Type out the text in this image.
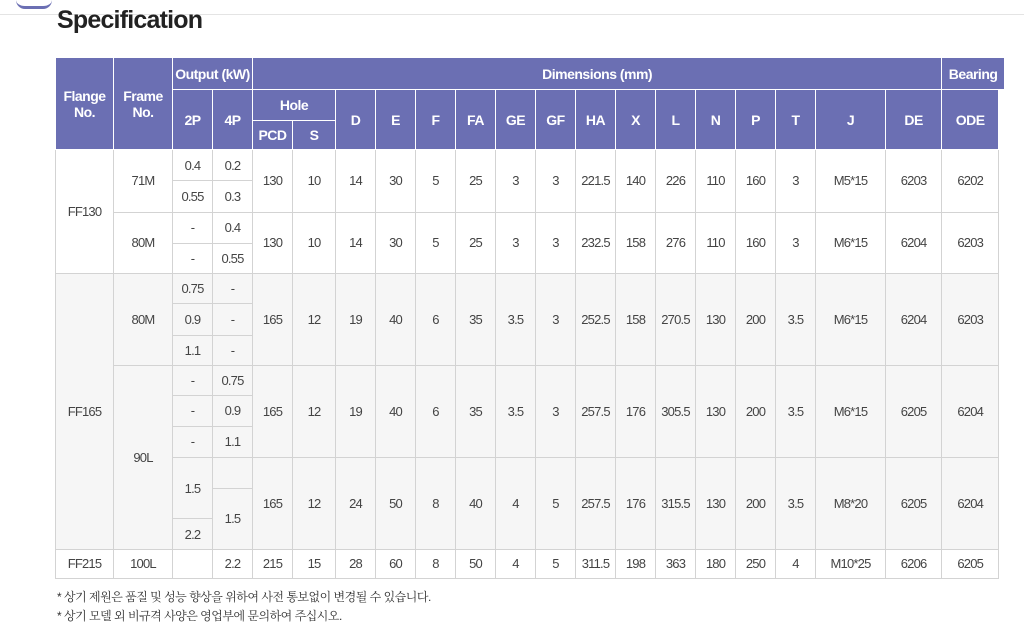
Specification
Flange No.	Frame No.	Output (kW)		Dimensions (mm)																Bearing
		2P	4P	Hole		D	E	F	FA	GE	GF	HA	X	L	N	P	T	J	DE	ODE
				PCD	S															
FF130	71M	0.4	0.2	130	10	14	30	5	25	3	3	221.5	140	226	110	160	3	M5*15	6203	6202
		0.55	0.3																	
	80M	-	0.4	130	10	14	30	5	25	3	3	232.5	158	276	110	160	3	M6*15	6204	6203
		-	0.55																	
FF165	80M	0.75	-	165	12	19	40	6	35	3.5	3	252.5	158	270.5	130	200	3.5	M6*15	6204	6203
		0.9	-																	
		1.1	-																	
	90L	-	0.75	165	12	19	40	6	35	3.5	3	257.5	176	305.5	130	200	3.5	M6*15	6205	6204
		-	0.9																	
		-	1.1																	
		1.5		165	12	24	50	8	40	4	5	257.5	176	315.5	130	200	3.5	M8*20	6205	6204
			1.5																	
		2.2																		
FF215	100L		2.2	215	15	28	60	8	50	4	5	311.5	198	363	180	250	4	M10*25	6206	6205
* 상기 제원은 품질 및 성능 향상을 위하여 사전 통보없이 변경될 수 있습니다.
* 상기 모델 외 비규격 사양은 영업부에 문의하여 주십시오.
